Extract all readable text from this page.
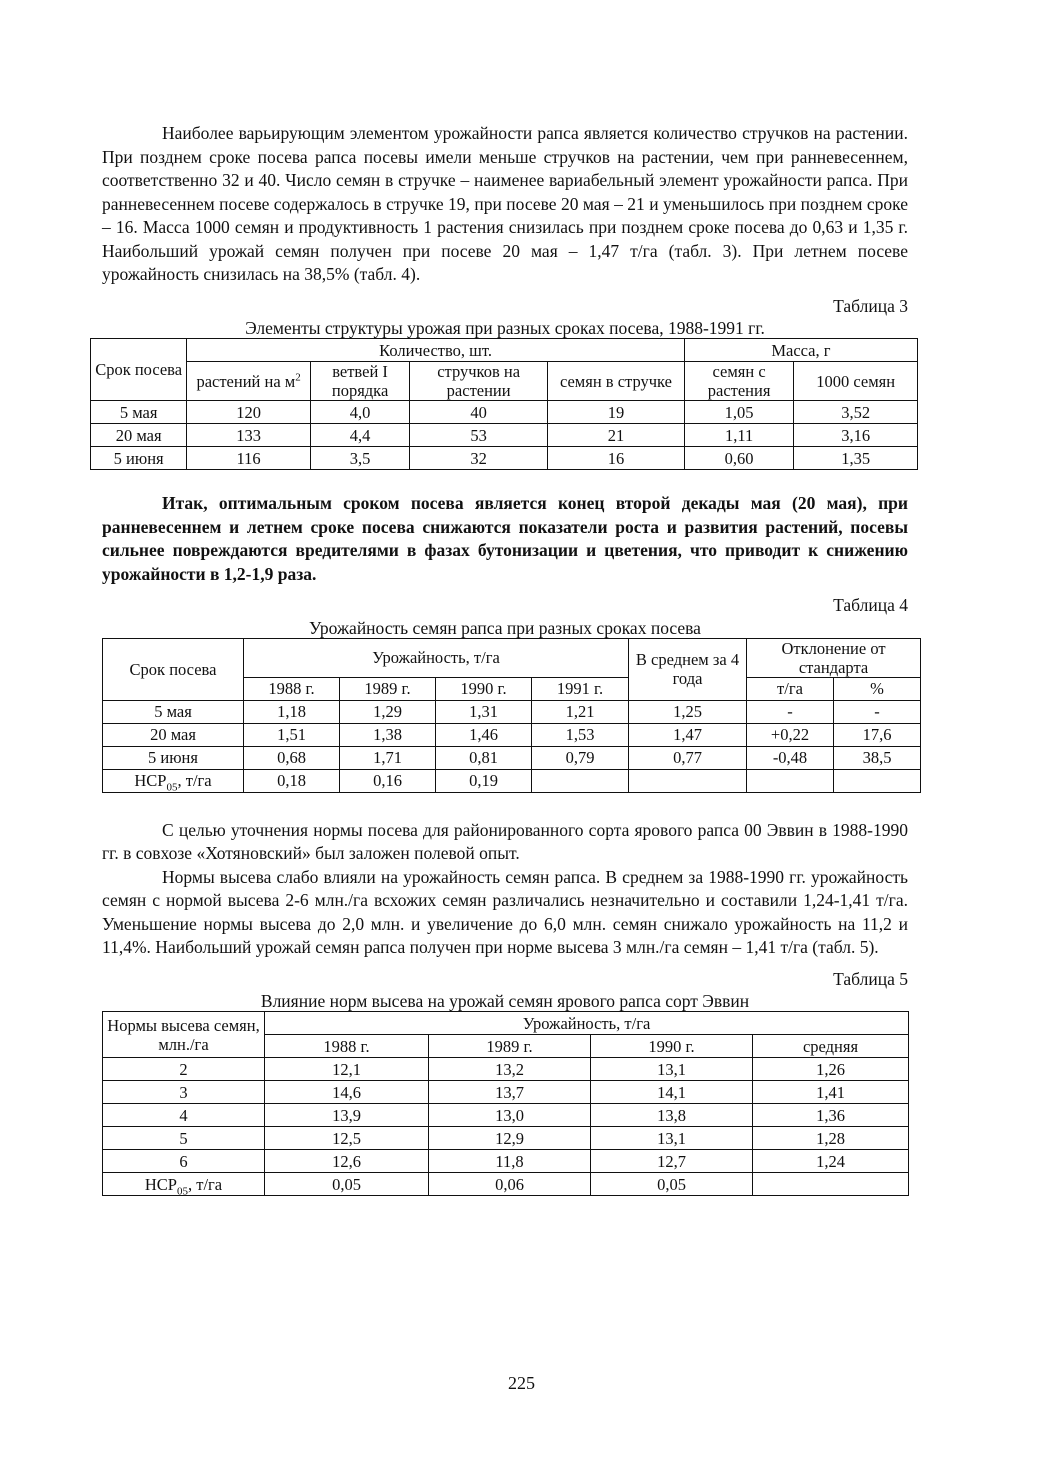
Наиболее варьирующим элементом урожайности рапса является количество стручков на растении. При позднем сроке посева рапса посевы имели меньше стручков на растении, чем при ранневесеннем, соответственно 32 и 40. Число семян в стручке – наименее вариабельный элемент урожайности рапса. При ранневесеннем посеве содержалось в стручке 19, при посеве 20 мая – 21 и уменьшилось при позднем сроке – 16. Масса 1000 семян и продуктивность 1 растения снизилась при позднем сроке посева до 0,63 и 1,35 г. Наибольший урожай семян получен при посеве 20 мая – 1,47 т/га (табл. 3). При летнем посеве урожайность снизилась на 38,5% (табл. 4).

Таблица 3

Элементы структуры урожая при разных сроках посева, 1988-1991 гг.

Срок посева	Количество, шт.				Масса, г	
	растений на $м^2$	ветвей I порядка	стручков на растении	семян в стручке	семян с растения	1000 семян
5 мая	120	4,0	40	19	1,05	3,52
20 мая	133	4,4	53	21	1,11	3,16
5 июня	116	3,5	32	16	0,60	1,35

Итак, оптимальным сроком посева является конец второй декады мая (20 мая), при ранневесеннем и летнем сроке посева снижаются показатели роста и развития растений, посевы сильнее повреждаются вредителями в фазах бутонизации и цветения, что приводит к снижению урожайности в 1,2-1,9 раза.

Таблица 4

Урожайность семян рапса при разных сроках посева

Срок посева	Урожайность, т/га				В среднем за 4 года	Отклонение от стандарта	
	1988 г.	1989 г.	1990 г.	1991 г.		т/га	%
5 мая	1,18	1,29	1,31	1,21	1,25	-	-
20 мая	1,51	1,38	1,46	1,53	1,47	+0,22	17,6
5 июня	0,68	1,71	0,81	0,79	0,77	-0,48	38,5
$НСР_{05}$, т/га	0,18	0,16	0,19				

С целью уточнения нормы посева для районированного сорта ярового рапса 00 Эввин в 1988-1990 гг. в совхозе «Хотяновский» был заложен полевой опыт.

Нормы высева слабо влияли на урожайность семян рапса. В среднем за 1988-1990 гг. урожайность семян с нормой высева 2-6 млн./га всхожих семян различались незначительно и составили 1,24-1,41 т/га. Уменьшение нормы высева до 2,0 млн. и увеличение до 6,0 млн. семян снижало урожайность на 11,2 и 11,4%. Наибольший урожай семян рапса получен при норме высева 3 млн./га семян – 1,41 т/га (табл. 5).

Таблица 5

Влияние норм высева на урожай семян ярового рапса сорт Эввин

Нормы высева семян, млн./га	Урожайность, т/га			
	1988 г.	1989 г.	1990 г.	средняя
2	12,1	13,2	13,1	1,26
3	14,6	13,7	14,1	1,41
4	13,9	13,0	13,8	1,36
5	12,5	12,9	13,1	1,28
6	12,6	11,8	12,7	1,24
$НСР_{05}$, т/га	0,05	0,06	0,05	
225
